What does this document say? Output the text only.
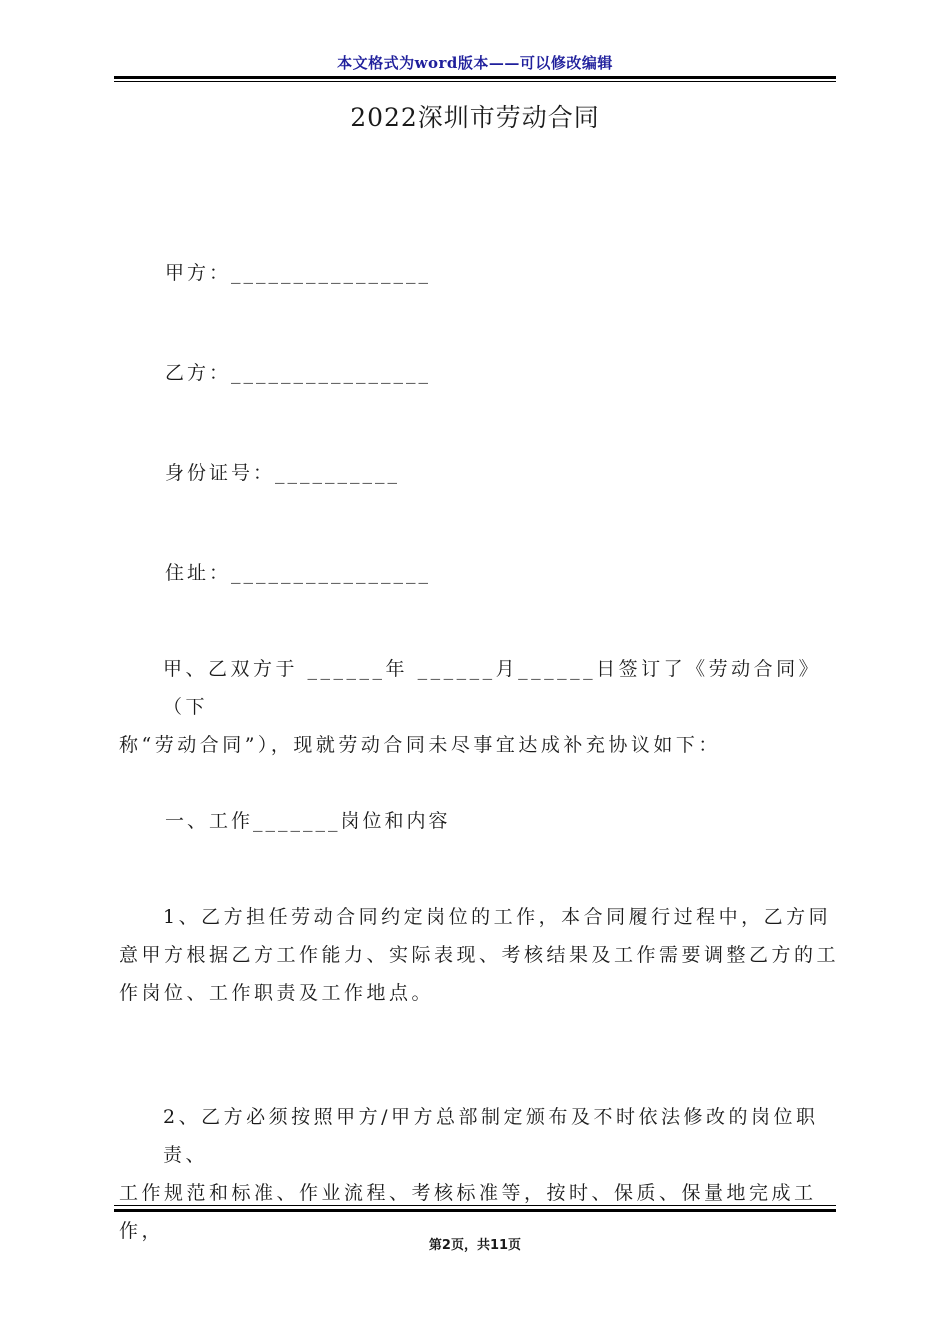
本文格式为word版本——可以修改编辑
2022深圳市劳动合同
甲方：________________
乙方：________________
身份证号：__________
住址：________________
甲、乙双方于 ______年 ______月______日签订了《劳动合同》（下
称“劳动合同”），现就劳动合同未尽事宜达成补充协议如下：
一、工作_______岗位和内容
1、乙方担任劳动合同约定岗位的工作，本合同履行过程中，乙方同
意甲方根据乙方工作能力、实际表现、考核结果及工作需要调整乙方的工
作岗位、工作职责及工作地点。
2、乙方必须按照甲方/甲方总部制定颁布及不时依法修改的岗位职责、
工作规范和标准、作业流程、考核标准等，按时、保质、保量地完成工作，
第2页，共11页
